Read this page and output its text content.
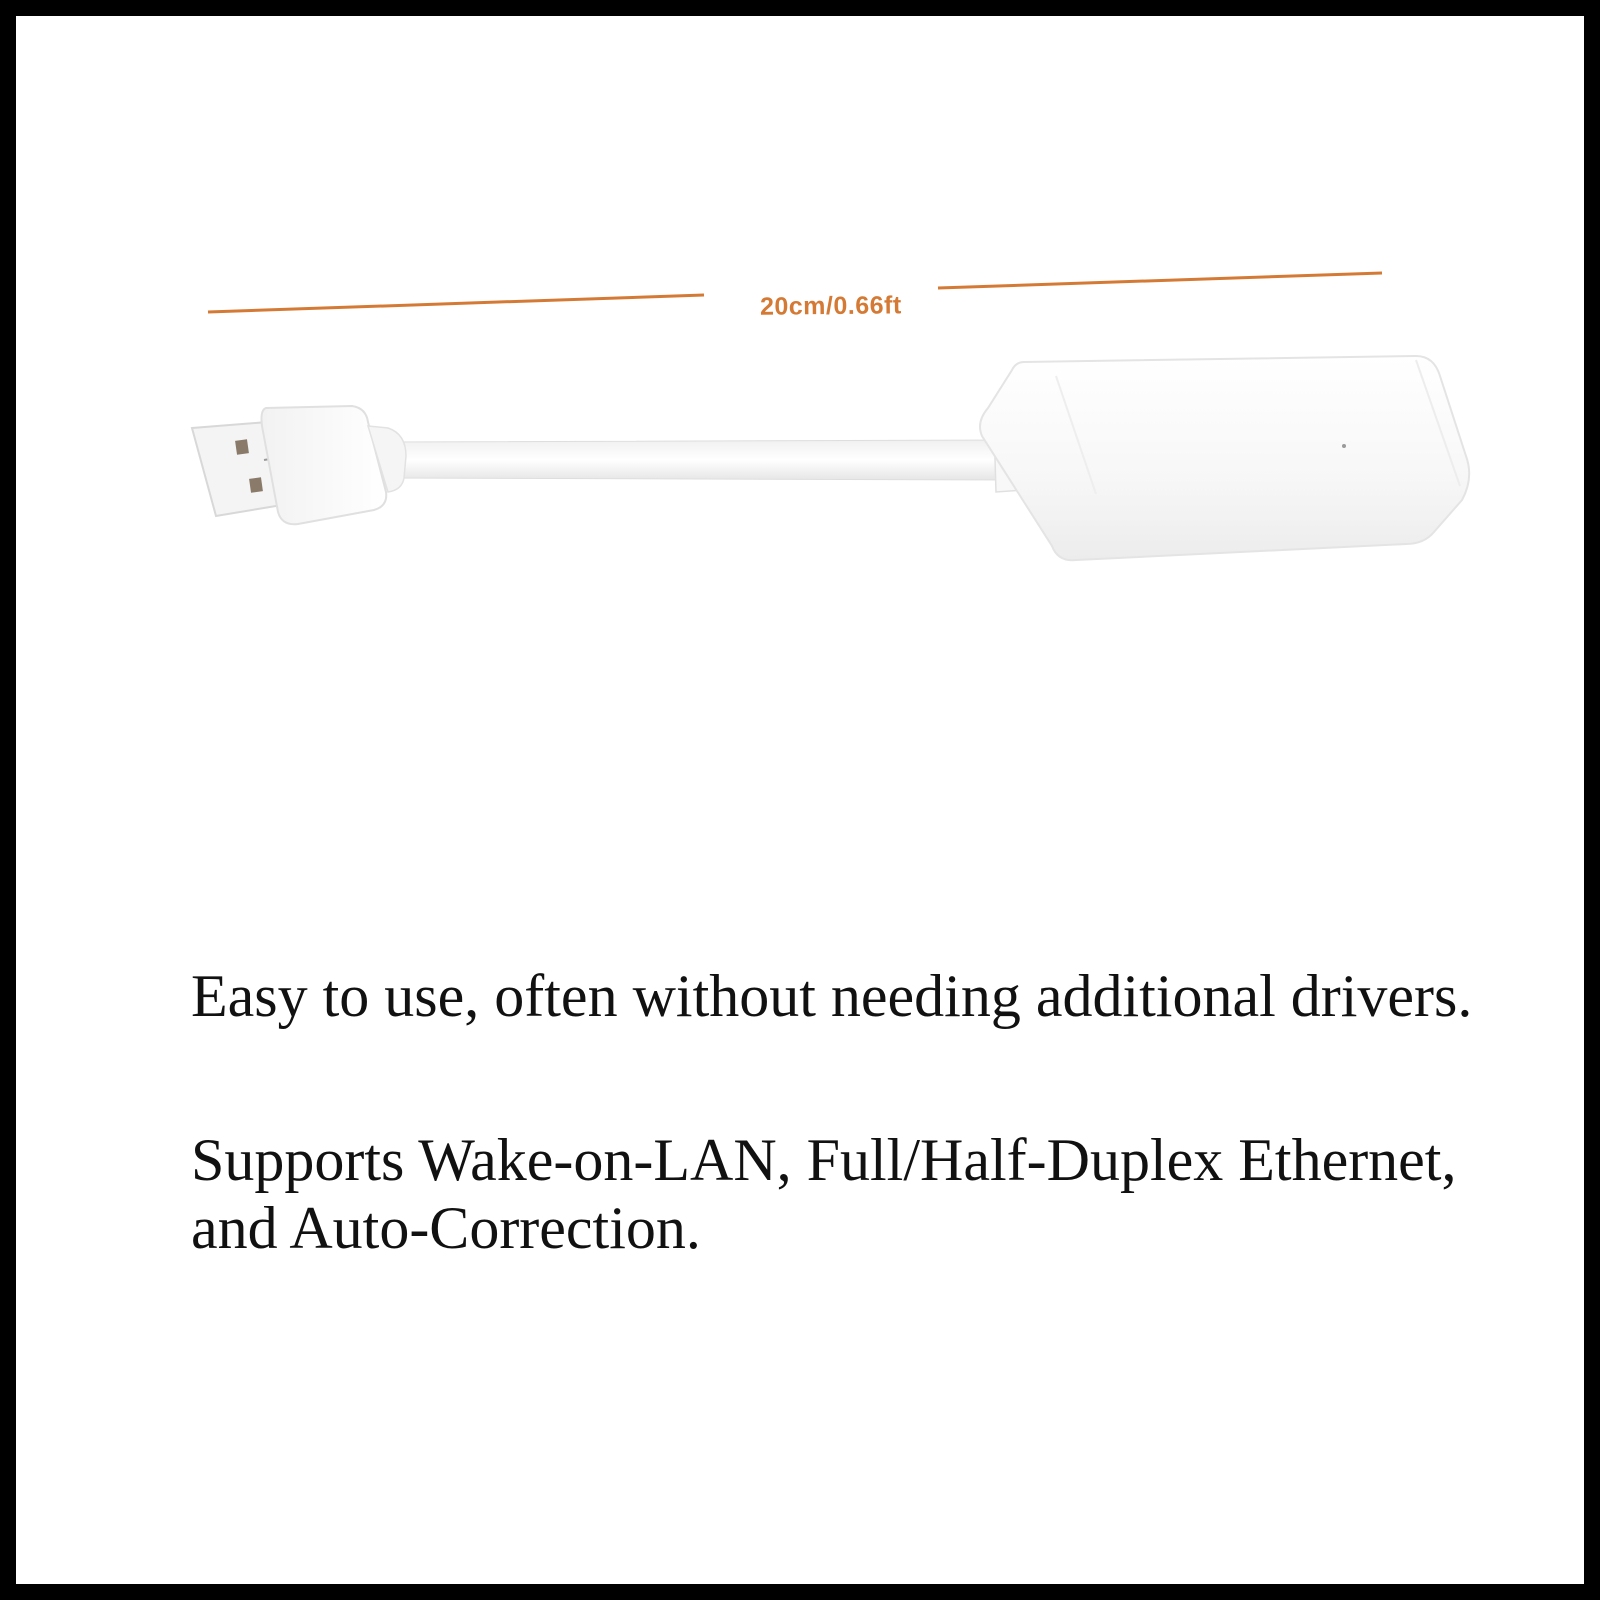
20cm/0.66ft
Easy to use, often without needing additional drivers.
Supports Wake-on-LAN, Full/Half-Duplex Ethernet, and Auto-Correction.
